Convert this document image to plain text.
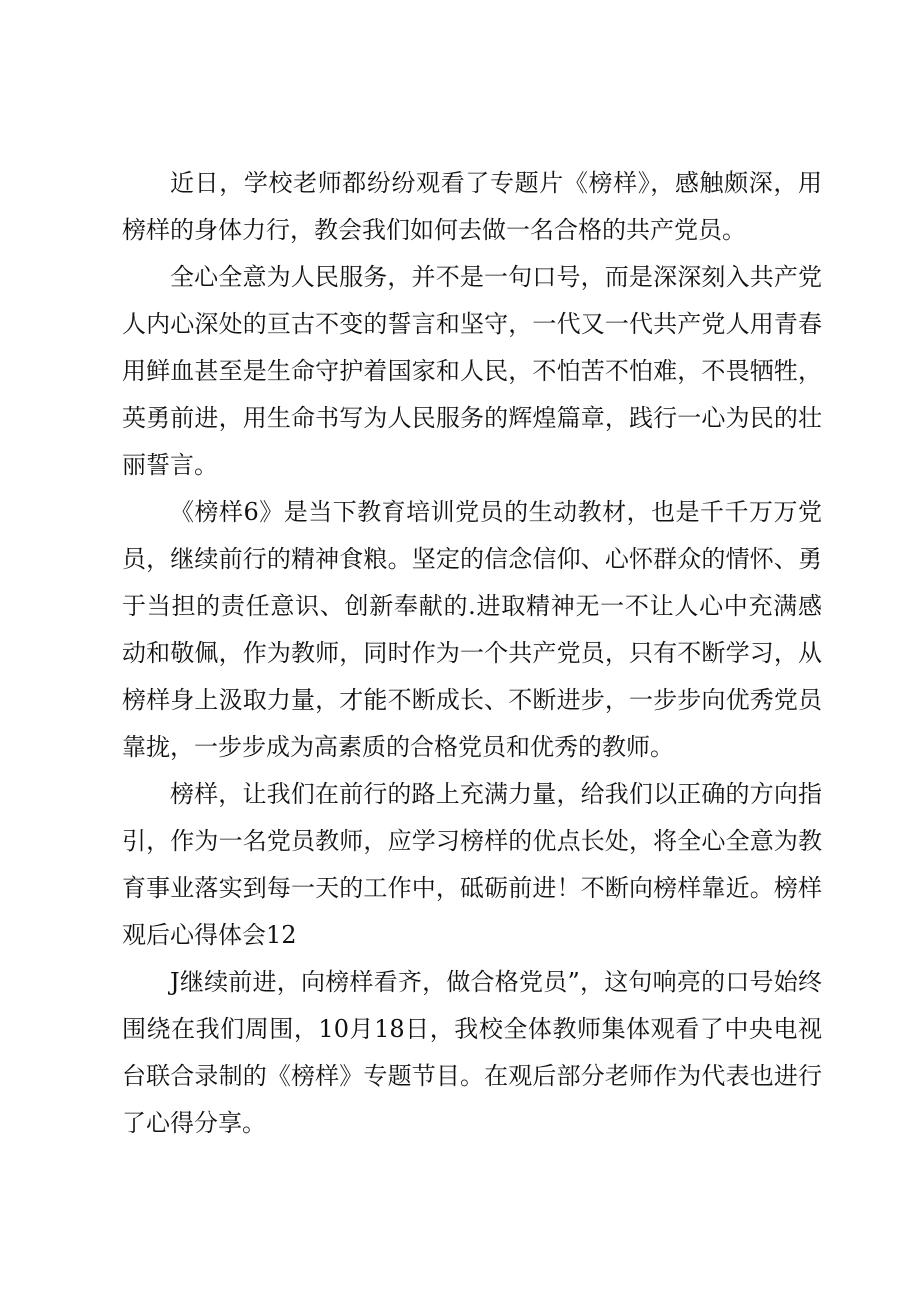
近日，学校老师都纷纷观看了专题片《榜样》，感触颇深，用榜样的身体力行，教会我们如何去做一名合格的共产党员。

全心全意为人民服务，并不是一句口号，而是深深刻入共产党人内心深处的亘古不变的誓言和坚守，一代又一代共产党人用青春用鲜血甚至是生命守护着国家和人民，不怕苦不怕难，不畏牺牲，英勇前进，用生命书写为人民服务的辉煌篇章，践行一心为民的壮丽誓言。

《榜样6》是当下教育培训党员的生动教材，也是千千万万党员，继续前行的精神食粮。坚定的信念信仰、心怀群众的情怀、勇于当担的责任意识、创新奉献的.进取精神无一不让人心中充满感动和敬佩，作为教师，同时作为一个共产党员，只有不断学习，从榜样身上汲取力量，才能不断成长、不断进步，一步步向优秀党员靠拢，一步步成为高素质的合格党员和优秀的教师。

榜样，让我们在前行的路上充满力量，给我们以正确的方向指引，作为一名党员教师，应学习榜样的优点长处，将全心全意为教育事业落实到每一天的工作中，砥砺前进！不断向榜样靠近。榜样观后心得体会12

J继续前进，向榜样看齐，做合格党员”，这句响亮的口号始终围绕在我们周围，10月18日，我校全体教师集体观看了中央电视台联合录制的《榜样》专题节目。在观后部分老师作为代表也进行了心得分享。
